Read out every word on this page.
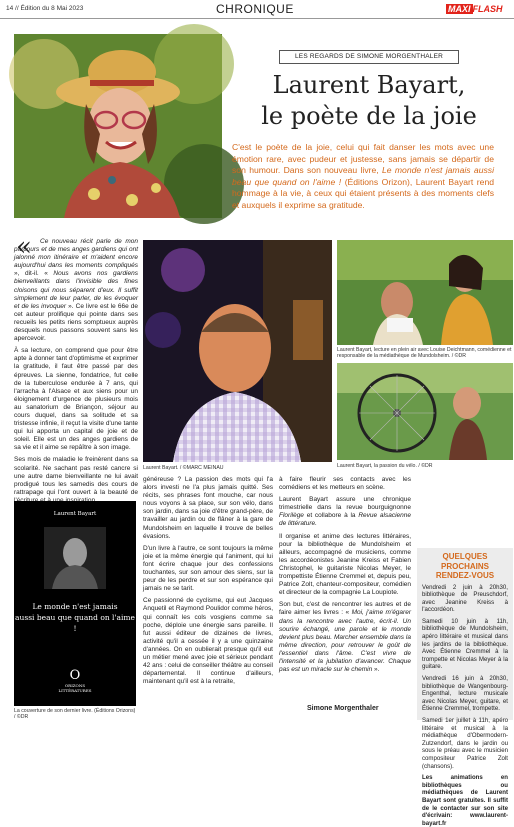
14 // Édition du 8 Mai 2023	CHRONIQUE	MAXI FLASH
LES REGARDS DE SIMONE MORGENTHALER
Laurent Bayart,
le poète de la joie
C'est le poète de la joie, celui qui fait danser les mots avec une émotion rare, avec pudeur et justesse, sans jamais se départir de son humour. Dans son nouveau livre, Le monde n'est jamais aussi beau que quand on l'aime ! (Éditions Orizon), Laurent Bayart rend hommage à la vie, à ceux qui étaient présents à des moments clefs et auxquels il exprime sa gratitude.
«	Ce nouveau récit parle de mon parcours et de mes anges gardiens qui ont jalonné mon itinéraire et m'aident encore aujourd'hui dans les moments compliqués », dit-il. « Nous avons nos gardiens bienveillants dans l'invisible des fines cloisons qui nous séparent d'eux. Il suffit simplement de leur parler, de les évoquer et de les invoquer ». Ce livre est le 66e de cet auteur prolifique qui pointe dans ses recueils les petits riens somptueux auprès desquels nous passons souvent sans les apercevoir.

À sa lecture, on comprend que pour être apte à donner tant d'optimisme et exprimer la gratitude, il faut être passé par des épreuves. La sienne, fondatrice, fut celle de la tuberculose endurée à 7 ans, qui l'arracha à l'Alsace et aux siens pour un éloignement d'urgence de plusieurs mois au sanatorium de Briançon, séjour au cours duquel, dans sa solitude et sa tristesse infinie, il reçut la visite d'une tante qui lui apporta un capital de joie et de soleil. Elle est un des anges gardiens de sa vie et il aime se repâître à son image.

Ses mois de maladie le freinèrent dans sa scolarité. Ne sachant pas resté cancre si une autre dame bienveillante ne lui avait prodigué tous les samedis des cours de rattrapage qui l'ont ouvert à la beauté de

Laurent Bayart. / ©MARC MEINAU
Laurent Bayart, lecture en plein air avec Louise Deichtmann, comédienne et responsable de la médiathèque de Mundolsheim. / ©DR
Laurent Bayart, la passion du vélo. / ©DR
Laurent Bayart
Le monde n'est jamais
aussi beau que quand on l'aime !
O
ORIZONS
LITTÉRATURES
La couverture de son dernier livre. (Éditions Orizons) / ©DR

généreuse ? La passion des mots qui l'a alors investi ne l'a plus jamais quitté. Ses récits, ses phrases font mouche, car nous nous voyons à sa place, sur son vélo, dans son jardin, dans sa joie d'être grand-père, de travailler au jardin ou de flâner à la gare de Mundolsheim en laquelle il trouve de belles évasions.

D'un livre à l'autre, ce sont toujours la même joie et la même énergie qui l'animent, qui lui font écrire chaque jour des confessions touchantes, sur son amour des siens, sur la peur de les perdre et sur son espérance qui jamais ne se tarit.

Ce passionné de cyclisme, qui eut Jacques Anquetil et Raymond Poulidor comme héros, qui connaît les cols vosgiens comme sa poche, déploie une énergie sans pareille. Il fut aussi éditeur de dizaines de livres, activité qu'il a cessée il y a une quinzaine d'années. On en oublierait presque qu'il eut un métier mené avec joie et sérieux pendant 42 ans : celui de conseiller théâtre au conseil départemental. Il continue d'ailleurs, maintenant qu'il est à la retraite,

à faire fleurir ses contacts avec les comédiens et les metteurs en scène.

Laurent Bayart assure une chronique trimestrielle dans la revue bourguignonne Florilège et collabore à la Revue alsacienne de littérature.

Il organise et anime des lectures littéraires, pour la bibliothèque de Mundolsheim et ailleurs, accompagné de musiciens, comme les accordéonistes Jeanine Kreiss et Fabien Christophel, le guitariste Nicolas Meyer, le trompettiste Étienne Cremmel et, depuis peu, Patrice Zolt, chanteur-compositeur, comédien et directeur de la compagnie La Loupiote.

Son but, c'est de rencontrer les autres et de faire aimer les livres : « Moi, j'aime m'égarer dans la rencontre avec l'autre, écrit-il. Un sourire échangé, une parole et le monde devient plus beau. Marcher ensemble dans la même direction, pour retrouver le goût de l'essentiel dans l'âme. C'est vivre de l'intensité et la jubilation d'avancer. Chaque pas est un miracle sur le chemin ».

Simone Morgenthaler
QUELQUES PROCHAINS RENDEZ-VOUS

Vendredi 2 juin à 20h30, bibliothèque de Preuschdorf, avec Jeanine Kreiss à l'accordéon.

Samedi 10 juin à 11h, bibliothèque de Mundolsheim, apéro littéraire et musical dans les jardins de la bibliothèque. Avec Étienne Cremmel à la trompette et Nicolas Meyer à la guitare.

Vendredi 16 juin à 20h30, bibliothèque de Wangenbourg-Engenthal, lecture musicale avec Nicolas Meyer, guitare, et Étienne Cremmel, trompette.

Samedi 1er juillet à 11h, apéro littéraire et musical à la médiathèque d'Obermodern-Zutzendorf, dans le jardin ou sous le préau avec le musicien compositeur Patrice Zolt (chansons).

Les animations en bibliothèques ou médiathèques de Laurent Bayart sont gratuites. Il suffit de le contacter sur son site d'écrivain: www.laurent-bayart.fr
